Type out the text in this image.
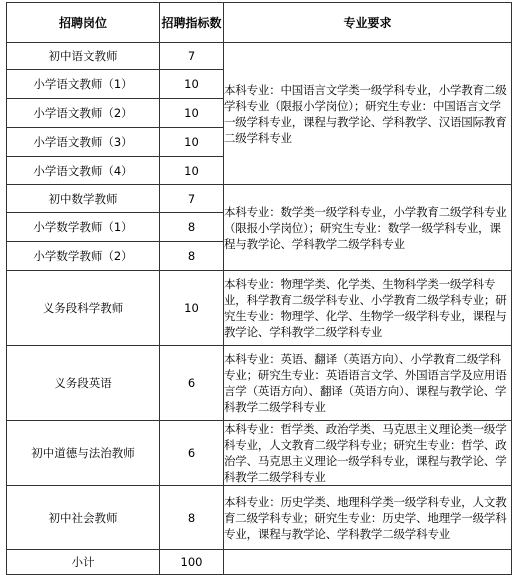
招聘岗位	招聘指标数	专业要求
初中语文教师	7	本科专业：中国语言文学类一级学科专业，小学教育二级学科专业（限报小学岗位）；研究生专业：中国语言文学一级学科专业，课程与教学论、学科教学、汉语国际教育二级学科专业

小学语文教师（1）	10	
小学语文教师（2）	10	
小学语文教师（3）	10	
小学语文教师（4）	10	
初中数学教师	7	本科专业：数学类一级学科专业，小学教育二级学科专业（限报小学岗位）；研究生专业：数学一级学科专业，课程与教学论、学科教学二级学科专业

小学数学教师（1）	8	
小学数学教师（2）	8	
义务段科学教师	10	本科专业：物理学类、化学类、生物科学类一级学科专业，科学教育二级学科专业、小学教育二级学科专业；研究生专业：物理学、化学、生物学一级学科专业，课程与教学论、学科教学二级学科专业

义务段英语	6	本科专业：英语、翻译（英语方向）、小学教育二级学科专业；研究生专业：英语语言文学、外国语言学及应用语言学（英语方向）、翻译（英语方向）、课程与教学论、学科教学二级学科专业

初中道德与法治教师	6	本科专业：哲学类、政治学类、马克思主义理论类一级学科专业，人文教育二级学科专业；研究生专业：哲学、政治学、马克思主义理论一级学科专业，课程与教学论、学科教学二级学科专业

初中社会教师	8	本科专业：历史学类、地理科学类一级学科专业，人文教育二级学科专业；研究生专业：历史学、地理学一级学科专业，课程与教学论、学科教学二级学科专业

小计	100	
